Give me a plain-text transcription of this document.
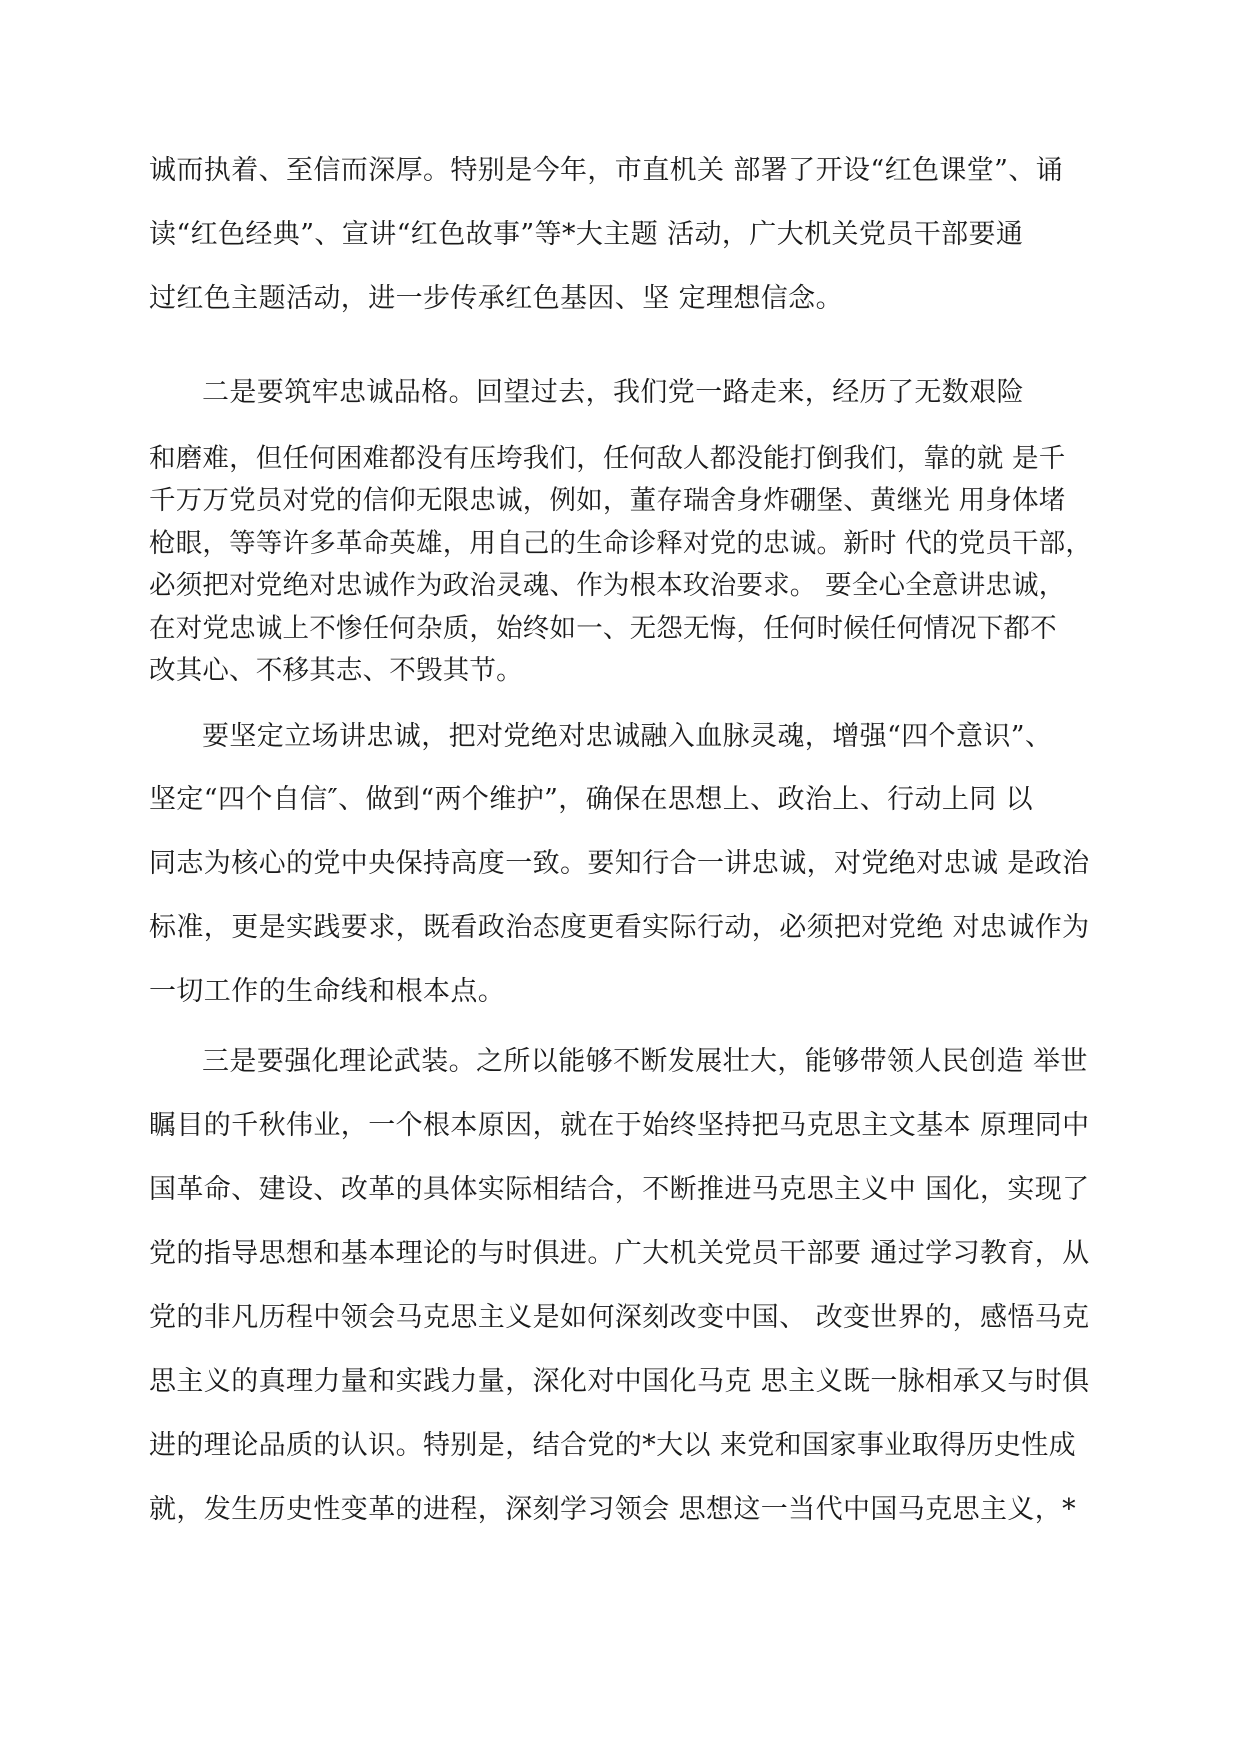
诚而执着、至信而深厚。特别是今年，市直机关 部署了开设“红色课堂”、诵
读“红色经典”、宣讲“红色故事”等*大主题 活动，广大机关党员干部要通
过红色主题活动，进一步传承红色基因、坚 定理想信念。
二是要筑牢忠诚品格。回望过去，我们党一路走来，经历了无数艰险
和磨难，但任何困难都没有压垮我们，任何敌人都没能打倒我们，靠的就 是千
千万万党员对党的信仰无限忠诚，例如，董存瑞舍身炸硼堡、黄继光 用身体堵
枪眼，等等许多革命英雄，用自己的生命诊释对党的忠诚。新时 代的党员干部，
必须把对党绝对忠诚作为政治灵魂、作为根本玫治要求。 要全心全意讲忠诚，
在对党忠诚上不惨任何杂质，始终如一、无怨无悔，任何时候任何情况下都不
改其心、不移其志、不毁其节。
要坚定立场讲忠诚，把对党绝对忠诚融入血脉灵魂，增强“四个意识”、
坚定“四个自信″、做到“两个维护”，确保在思想上、政治上、行动上同 以
同志为核心的党中央保持高度一致。要知行合一讲忠诚，对党绝对忠诚 是政治
标准，更是实践要求，既看政治态度更看实际行动，必须把对党绝 对忠诚作为
一切工作的生命线和根本点。
三是要强化理论武装。之所以能够不断发展壮大，能够带领人民创造 举世
瞩目的千秋伟业，一个根本原因，就在于始终坚持把马克思主文基本 原理同中
国革命、建设、改革的具体实际相结合，不断推进马克思主义中 国化，实现了
党的指导思想和基本理论的与时俱进。广大机关党员干部要 通过学习教育，从
党的非凡历程中领会马克思主义是如何深刻改变中国、 改变世界的，感悟马克
思主义的真理力量和实践力量，深化对中国化马克 思主义既一脉相承又与时俱
进的理论品质的认识。特别是，结合党的*大以 来党和国家事业取得历史性成
就，发生历史性变革的进程，深刻学习领会 思想这一当代中国马克思主义，*
